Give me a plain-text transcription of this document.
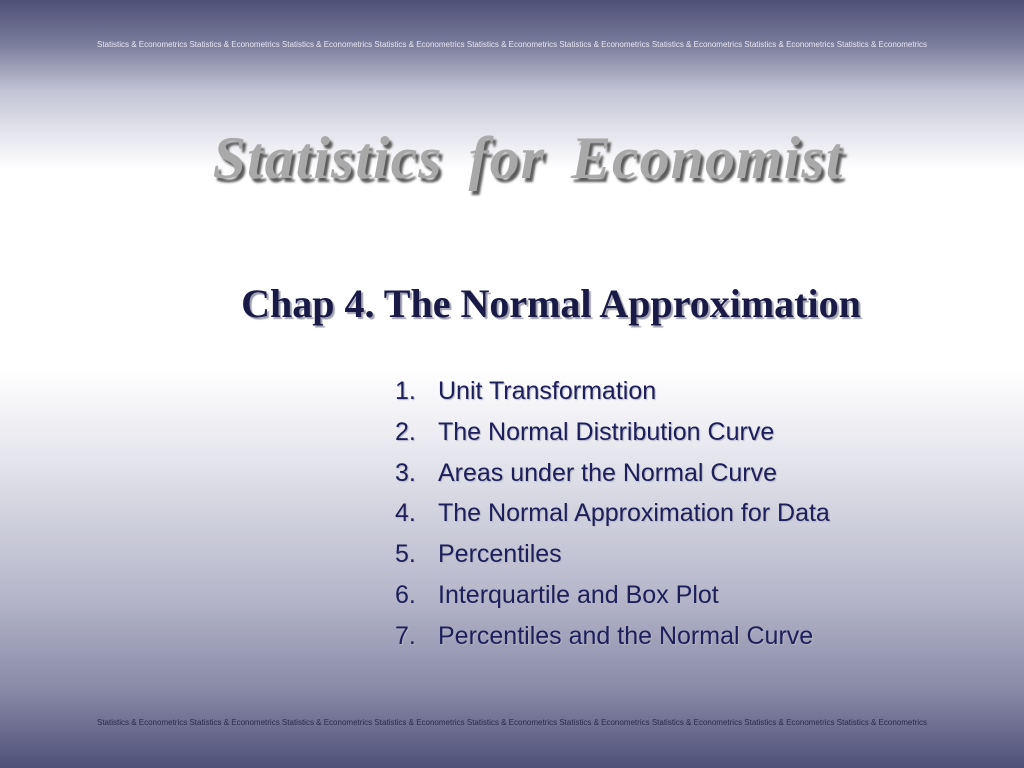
Statistics & Econometrics Statistics & Econometrics Statistics & Econometrics Statistics & Econometrics Statistics & Econometrics Statistics & Econometrics Statistics & Econometrics Statistics & Econometrics Statistics & Econometrics
Statistics for Economist
Chap 4. The Normal Approximation
1. Unit Transformation
2. The Normal Distribution Curve
3. Areas under the Normal Curve
4. The Normal Approximation for Data
5. Percentiles
6. Interquartile and Box Plot
7. Percentiles and the Normal Curve
Statistics & Econometrics Statistics & Econometrics Statistics & Econometrics Statistics & Econometrics Statistics & Econometrics Statistics & Econometrics Statistics & Econometrics Statistics & Econometrics Statistics & Econometrics
